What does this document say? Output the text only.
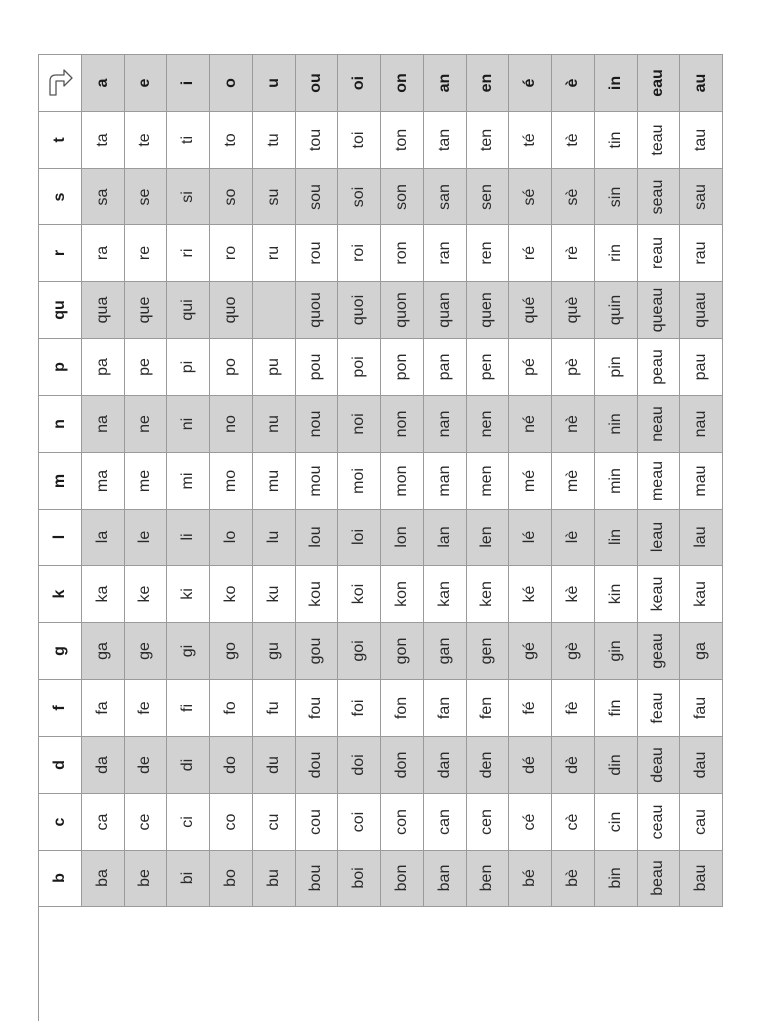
a e i o u ou oi on an en é è in eau au
b ba be bi bo bu bou boi bon ban ben bé bè bin beau bau
c ca ce ci co cu cou coi con can cen cé cè cin ceau cau
d da de di do du dou doi don dan den dé dè din deau dau
f fa fe fi fo fu fou foi fon fan fen fé fè fin feau fau
g ga ge gi go gu gou goi gon gan gen gé gè gin geau ga
k ka ke ki ko ku kou koi kon kan ken ké kè kin keau kau
l la le li lo lu lou loi lon lan len lé lè lin leau lau
m ma me mi mo mu mou moi mon man men mé mè min meau mau
n na ne ni no nu nou noi non nan nen né nè nin neau nau
p pa pe pi po pu pou poi pon pan pen pé pè pin peau pau
qu qua que qui quo	quou quoi quon quan quen qué què quin queau quau
r ra re ri ro ru rou roi ron ran ren ré rè rin reau rau
s sa se si so su sou soi son san sen sé sè sin seau sau
t ta te ti to tu tou toi ton tan ten té tè tin teau tau
